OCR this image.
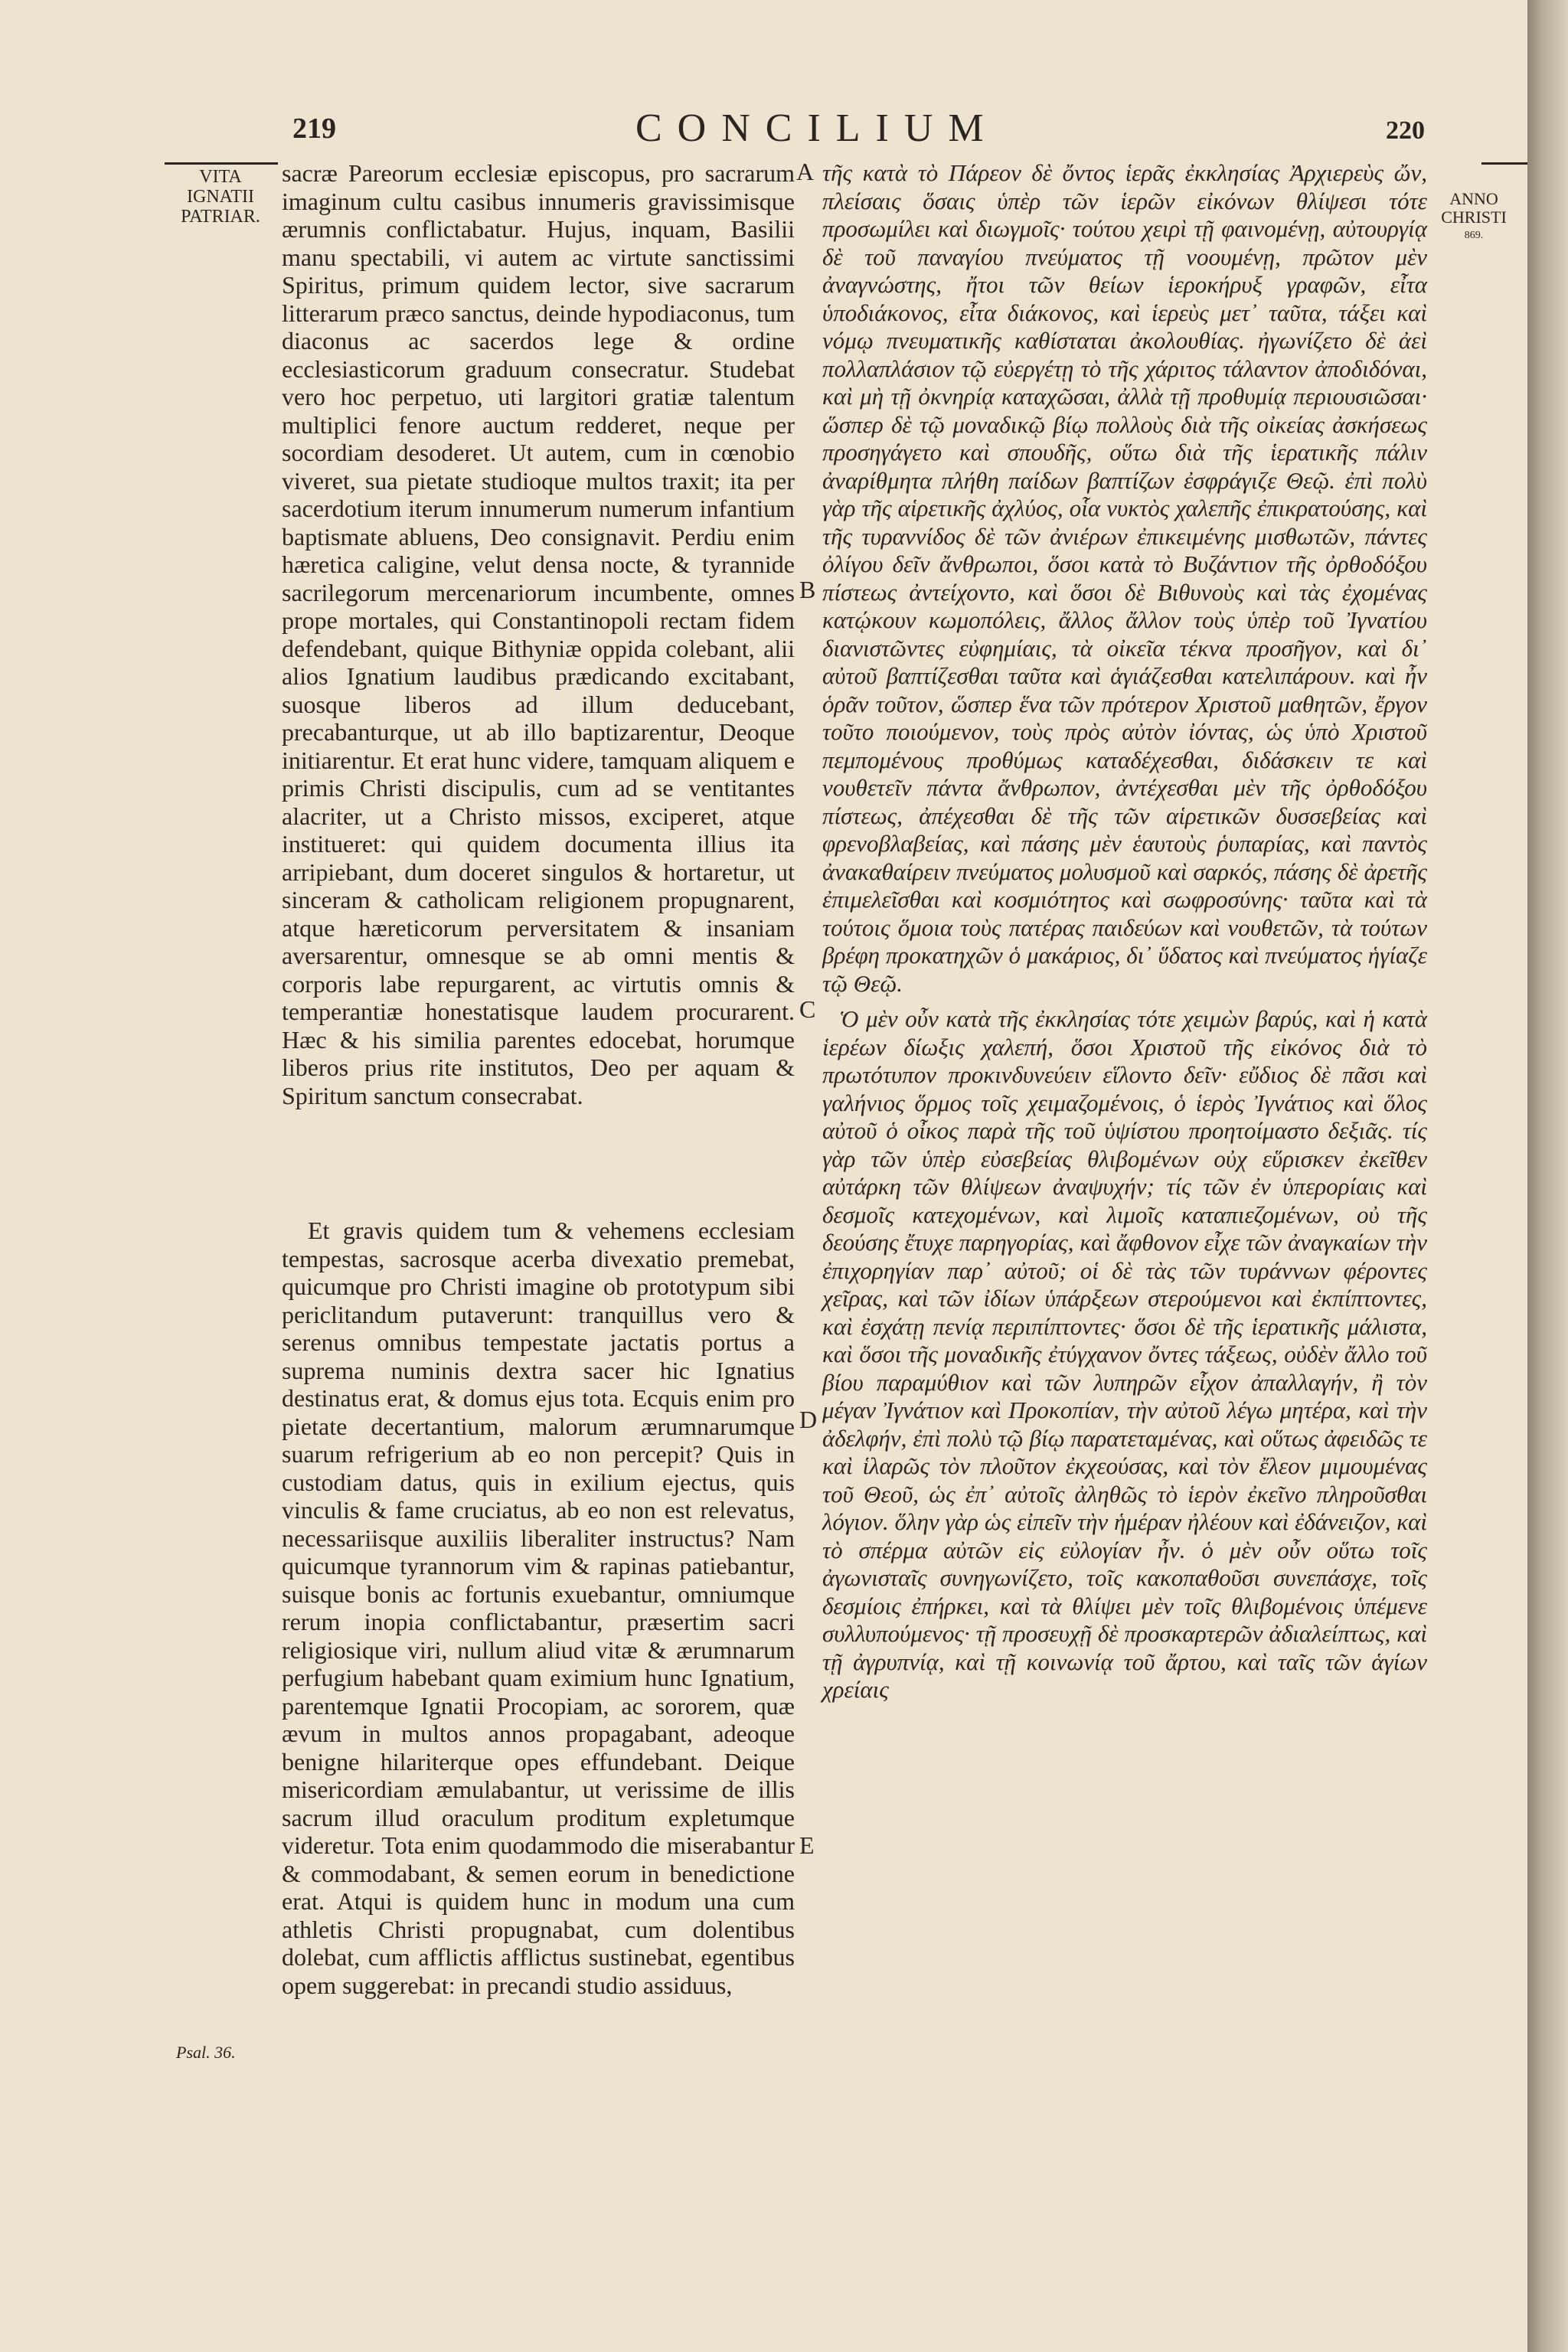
219	CONCILIUM	220
VITA IGNATII PATRIAR.
ANNO CHRISTI
869.
Psal. 36.

sacræ Pareorum ecclesiæ episcopus, pro sacrarum imaginum cultu casibus innumeris gravissimisque ærumnis conflictabatur. Hujus, inquam, Basilii manu spectabili, vi autem ac virtute sanctissimi Spiritus, primum quidem lector, sive sacrarum litterarum præco sanctus, deinde hypodiaconus, tum diaconus ac sacerdos lege & ordine ecclesiasticorum graduum consecratur. Studebat vero hoc perpetuo, uti largitori gratiæ talentum multiplici fenore auctum redderet, neque per socordiam desoderet. Ut autem, cum in cœnobio viveret, sua pietate studioque multos traxit; ita per sacerdotium iterum innumerum numerum infantium baptismate abluens, Deo consignavit. Perdiu enim hæretica caligine, velut densa nocte, & tyrannide sacrilegorum mercenariorum incumbente, omnes prope mortales, qui Constantinopoli rectam fidem defendebant, quique Bithyniæ oppida colebant, alii alios Ignatium laudibus prædicando excitabant, suosque liberos ad illum deducebant, precabanturque, ut ab illo baptizarentur, Deoque initiarentur. Et erat hunc videre, tamquam aliquem e primis Christi discipulis, cum ad se ventitantes alacriter, ut a Christo missos, exciperet, atque institueret: qui quidem documenta illius ita arripiebant, dum doceret singulos & hortaretur, ut sinceram & catholicam religionem propugnarent, atque hæreticorum perversitatem & insaniam aversarentur, omnesque se ab omni mentis & corporis labe repurgarent, ac virtutis omnis & temperantiæ honestatisque laudem procurarent. Hæc & his similia parentes edocebat, horumque liberos prius rite institutos, Deo per aquam & Spiritum sanctum consecrabat.

Et gravis quidem tum & vehemens ecclesiam tempestas, sacrosque acerba divexatio premebat, quicumque pro Christi imagine ob prototypum sibi periclitandum putaverunt: tranquillus vero & serenus omnibus tempestate jactatis portus a suprema numinis dextra sacer hic Ignatius destinatus erat, & domus ejus tota. Ecquis enim pro pietate decertantium, malorum ærumnarumque suarum refrigerium ab eo non percepit? Quis in custodiam datus, quis in exilium ejectus, quis vinculis & fame cruciatus, ab eo non est relevatus, necessariisque auxiliis liberaliter instructus? Nam quicumque tyrannorum vim & rapinas patiebantur, suisque bonis ac fortunis exuebantur, omniumque rerum inopia conflictabantur, præsertim sacri religiosique viri, nullum aliud vitæ & ærumnarum perfugium habebant quam eximium hunc Ignatium, parentemque Ignatii Procopiam, ac sororem, quæ ævum in multos annos propagabant, adeoque benigne hilariterque opes effundebant. Deique misericordiam æmulabantur, ut verissime de illis sacrum illud oraculum proditum expletumque videretur. Tota enim quodammodo die miserabantur & commodabant, & semen eorum in benedictione erat. Atqui is quidem hunc in modum una cum athletis Christi propugnabat, cum dolentibus dolebat, cum afflictis afflictus sustinebat, egentibus opem suggerebat: in precandi studio assiduus,

A
B
C
D
E

τῆς κατὰ τὸ Πάρεον δὲ ὄντος ἱερᾶς ἐκκλησίας Ἀρχιερεὺς ὤν, πλείσαις ὅσαις ὑπὲρ τῶν ἱερῶν εἰκόνων θλίψεσι τότε προσωμίλει καὶ διωγμοῖς· τούτου χειρὶ τῇ φαινομένῃ, αὐτουργίᾳ δὲ τοῦ παναγίου πνεύματος τῇ νοουμένῃ, πρῶτον μὲν ἀναγνώστης, ἤτοι τῶν θείων ἱεροκήρυξ γραφῶν, εἶτα ὑποδιάκονος, εἶτα διάκονος, καὶ ἱερεὺς μετ᾿ ταῦτα, τάξει καὶ νόμῳ πνευματικῆς καθίσταται ἀκολουθίας. ἠγωνίζετο δὲ ἀεὶ πολλαπλάσιον τῷ εὐεργέτῃ τὸ τῆς χάριτος τάλαντον ἀποδιδόναι, καὶ μὴ τῇ ὀκνηρίᾳ καταχῶσαι, ἀλλὰ τῇ προθυμίᾳ περιουσιῶσαι· ὥσπερ δὲ τῷ μοναδικῷ βίῳ πολλοὺς διὰ τῆς οἰκείας ἀσκήσεως προσηγάγετο καὶ σπουδῆς, οὕτω διὰ τῆς ἱερατικῆς πάλιν ἀναρίθμητα πλήθη παίδων βαπτίζων ἐσφράγιζε Θεῷ. ἐπὶ πολὺ γὰρ τῆς αἱρετικῆς ἀχλύος, οἷα νυκτὸς χαλεπῆς ἐπικρατούσης, καὶ τῆς τυραννίδος δὲ τῶν ἀνιέρων ἐπικειμένης μισθωτῶν, πάντες ὀλίγου δεῖν ἄνθρωποι, ὅσοι κατὰ τὸ Βυζάντιον τῆς ὀρθοδόξου πίστεως ἀντείχοντο, καὶ ὅσοι δὲ Βιθυνοὺς καὶ τὰς ἐχομένας κατῴκουν κωμοπόλεις, ἄλλος ἄλλον τοὺς ὑπὲρ τοῦ Ἰγνατίου διανιστῶντες εὐφημίαις, τὰ οἰκεῖα τέκνα προσῆγον, καὶ δι᾿ αὐτοῦ βαπτίζεσθαι ταῦτα καὶ ἁγιάζεσθαι κατελιπάρουν. καὶ ἦν ὁρᾶν τοῦτον, ὥσπερ ἕνα τῶν πρότερον Χριστοῦ μαθητῶν, ἔργον τοῦτο ποιούμενον, τοὺς πρὸς αὐτὸν ἰόντας, ὡς ὑπὸ Χριστοῦ πεμπομένους προθύμως καταδέχεσθαι, διδάσκειν τε καὶ νουθετεῖν πάντα ἄνθρωπον, ἀντέχεσθαι μὲν τῆς ὀρθοδόξου πίστεως, ἀπέχεσθαι δὲ τῆς τῶν αἱρετικῶν δυσσεβείας καὶ φρενοβλαβείας, καὶ πάσης μὲν ἑαυτοὺς ῥυπαρίας, καὶ παντὸς ἀνακαθαίρειν πνεύματος μολυσμοῦ καὶ σαρκός, πάσης δὲ ἀρετῆς ἐπιμελεῖσθαι καὶ κοσμιότητος καὶ σωφροσύνης· ταῦτα καὶ τὰ τούτοις ὅμοια τοὺς πατέρας παιδεύων καὶ νουθετῶν, τὰ τούτων βρέφη προκατηχῶν ὁ μακάριος, δι᾿ ὕδατος καὶ πνεύματος ἡγίαζε τῷ Θεῷ.

Ὁ μὲν οὖν κατὰ τῆς ἐκκλησίας τότε χειμὼν βαρύς, καὶ ἡ κατὰ ἱερέων δίωξις χαλεπή, ὅσοι Χριστοῦ τῆς εἰκόνος διὰ τὸ πρωτότυπον προκινδυνεύειν εἵλοντο δεῖν· εὔδιος δὲ πᾶσι καὶ γαλήνιος ὅρμος τοῖς χειμαζομένοις, ὁ ἱερὸς Ἰγνάτιος καὶ ὅλος αὐτοῦ ὁ οἶκος παρὰ τῆς τοῦ ὑψίστου προητοίμαστο δεξιᾶς. τίς γὰρ τῶν ὑπὲρ εὐσεβείας θλιβομένων οὐχ εὕρισκεν ἐκεῖθεν αὐτάρκη τῶν θλίψεων ἀναψυχήν; τίς τῶν ἐν ὑπερορίαις καὶ δεσμοῖς κατεχομένων, καὶ λιμοῖς καταπιεζομένων, οὐ τῆς δεούσης ἔτυχε παρηγορίας, καὶ ἄφθονον εἶχε τῶν ἀναγκαίων τὴν ἐπιχορηγίαν παρ᾿ αὐτοῦ; οἱ δὲ τὰς τῶν τυράννων φέροντες χεῖρας, καὶ τῶν ἰδίων ὑπάρξεων στερούμενοι καὶ ἐκπίπτοντες, καὶ ἐσχάτῃ πενίᾳ περιπίπτοντες· ὅσοι δὲ τῆς ἱερατικῆς μάλιστα, καὶ ὅσοι τῆς μοναδικῆς ἐτύγχανον ὄντες τάξεως, οὐδὲν ἄλλο τοῦ βίου παραμύθιον καὶ τῶν λυπηρῶν εἶχον ἀπαλλαγήν, ἢ τὸν μέγαν Ἰγνάτιον καὶ Προκοπίαν, τὴν αὐτοῦ λέγω μητέρα, καὶ τὴν ἀδελφήν, ἐπὶ πολὺ τῷ βίῳ παρατεταμένας, καὶ οὕτως ἀφειδῶς τε καὶ ἱλαρῶς τὸν πλοῦτον ἐκχεούσας, καὶ τὸν ἔλεον μιμουμένας τοῦ Θεοῦ, ὡς ἐπ᾿ αὐτοῖς ἀληθῶς τὸ ἱερὸν ἐκεῖνο πληροῦσθαι λόγιον. ὅλην γὰρ ὡς εἰπεῖν τὴν ἡμέραν ἠλέουν καὶ ἐδάνειζον, καὶ τὸ σπέρμα αὐτῶν εἰς εὐλογίαν ἦν. ὁ μὲν οὖν οὕτω τοῖς ἀγωνισταῖς συνηγωνίζετο, τοῖς κακοπαθοῦσι συνεπάσχε, τοῖς δεσμίοις ἐπήρκει, καὶ τὰ θλίψει μὲν τοῖς θλιβομένοις ὑπέμενε συλλυπούμενος· τῇ προσευχῇ δὲ προσκαρτερῶν ἀδιαλείπτως, καὶ τῇ ἀγρυπνίᾳ, καὶ τῇ κοινωνίᾳ τοῦ ἄρτου, καὶ ταῖς τῶν ἁγίων χρείαις
